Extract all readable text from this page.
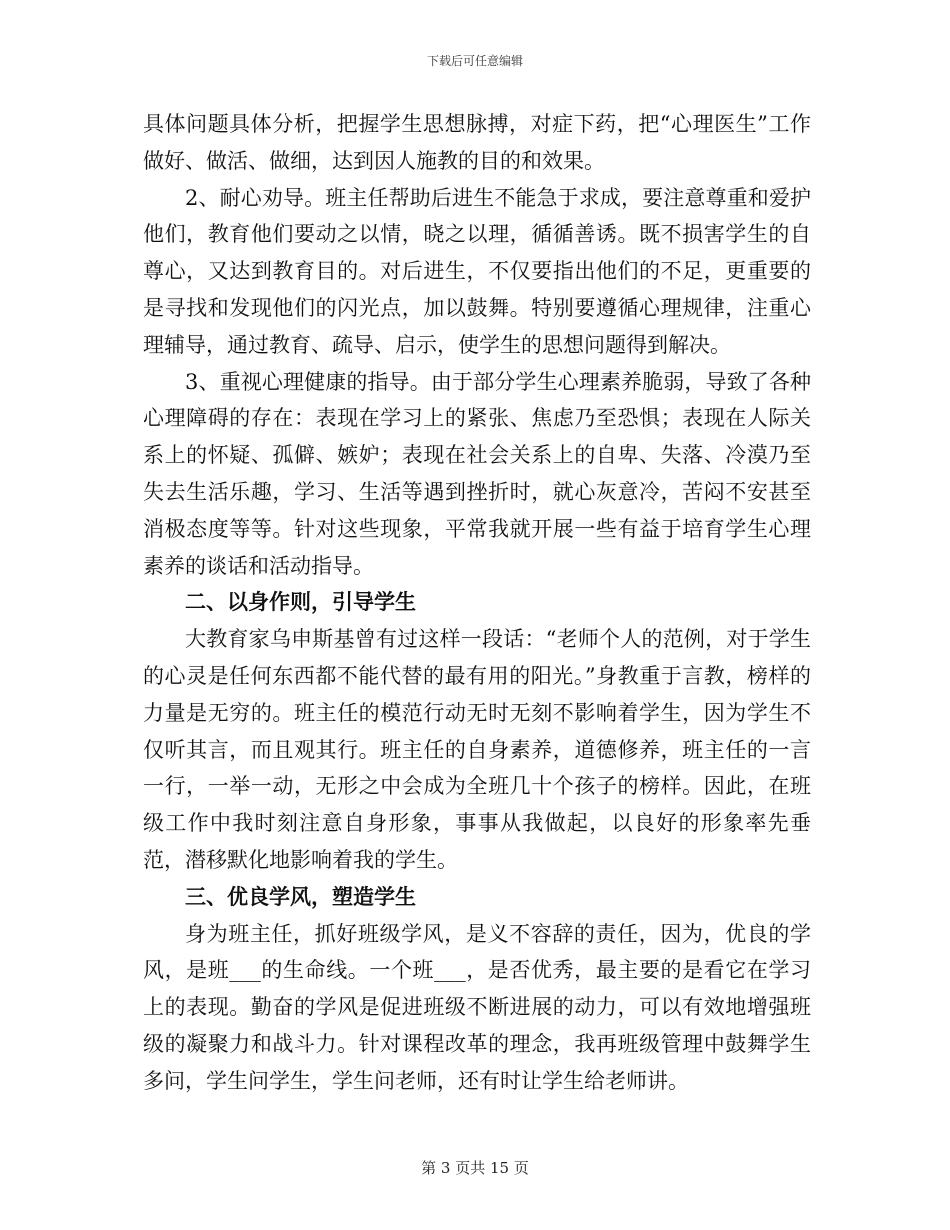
下载后可任意编辑

具体问题具体分析，把握学生思想脉搏，对症下药，把“心理医生”工作做好、做活、做细，达到因人施教的目的和效果。

2、耐心劝导。班主任帮助后进生不能急于求成，要注意尊重和爱护他们，教育他们要动之以情，晓之以理，循循善诱。既不损害学生的自尊心，又达到教育目的。对后进生，不仅要指出他们的不足，更重要的是寻找和发现他们的闪光点，加以鼓舞。特别要遵循心理规律，注重心理辅导，通过教育、疏导、启示，使学生的思想问题得到解决。

3、重视心理健康的指导。由于部分学生心理素养脆弱，导致了各种心理障碍的存在：表现在学习上的紧张、焦虑乃至恐惧；表现在人际关系上的怀疑、孤僻、嫉妒；表现在社会关系上的自卑、失落、冷漠乃至失去生活乐趣，学习、生活等遇到挫折时，就心灰意冷，苦闷不安甚至消极态度等等。针对这些现象，平常我就开展一些有益于培育学生心理素养的谈话和活动指导。

二、以身作则，引导学生

大教育家乌申斯基曾有过这样一段话：“老师个人的范例，对于学生的心灵是任何东西都不能代替的最有用的阳光。”身教重于言教，榜样的力量是无穷的。班主任的模范行动无时无刻不影响着学生，因为学生不仅听其言，而且观其行。班主任的自身素养，道德修养，班主任的一言一行，一举一动，无形之中会成为全班几十个孩子的榜样。因此，在班级工作中我时刻注意自身形象，事事从我做起，以良好的形象率先垂范，潜移默化地影响着我的学生。

三、优良学风，塑造学生

身为班主任，抓好班级学风，是义不容辞的责任，因为，优良的学风，是班___的生命线。一个班___，是否优秀，最主要的是看它在学习上的表现。勤奋的学风是促进班级不断进展的动力，可以有效地增强班级的凝聚力和战斗力。针对课程改革的理念，我再班级管理中鼓舞学生多问，学生问学生，学生问老师，还有时让学生给老师讲。

第 3 页共 15 页
